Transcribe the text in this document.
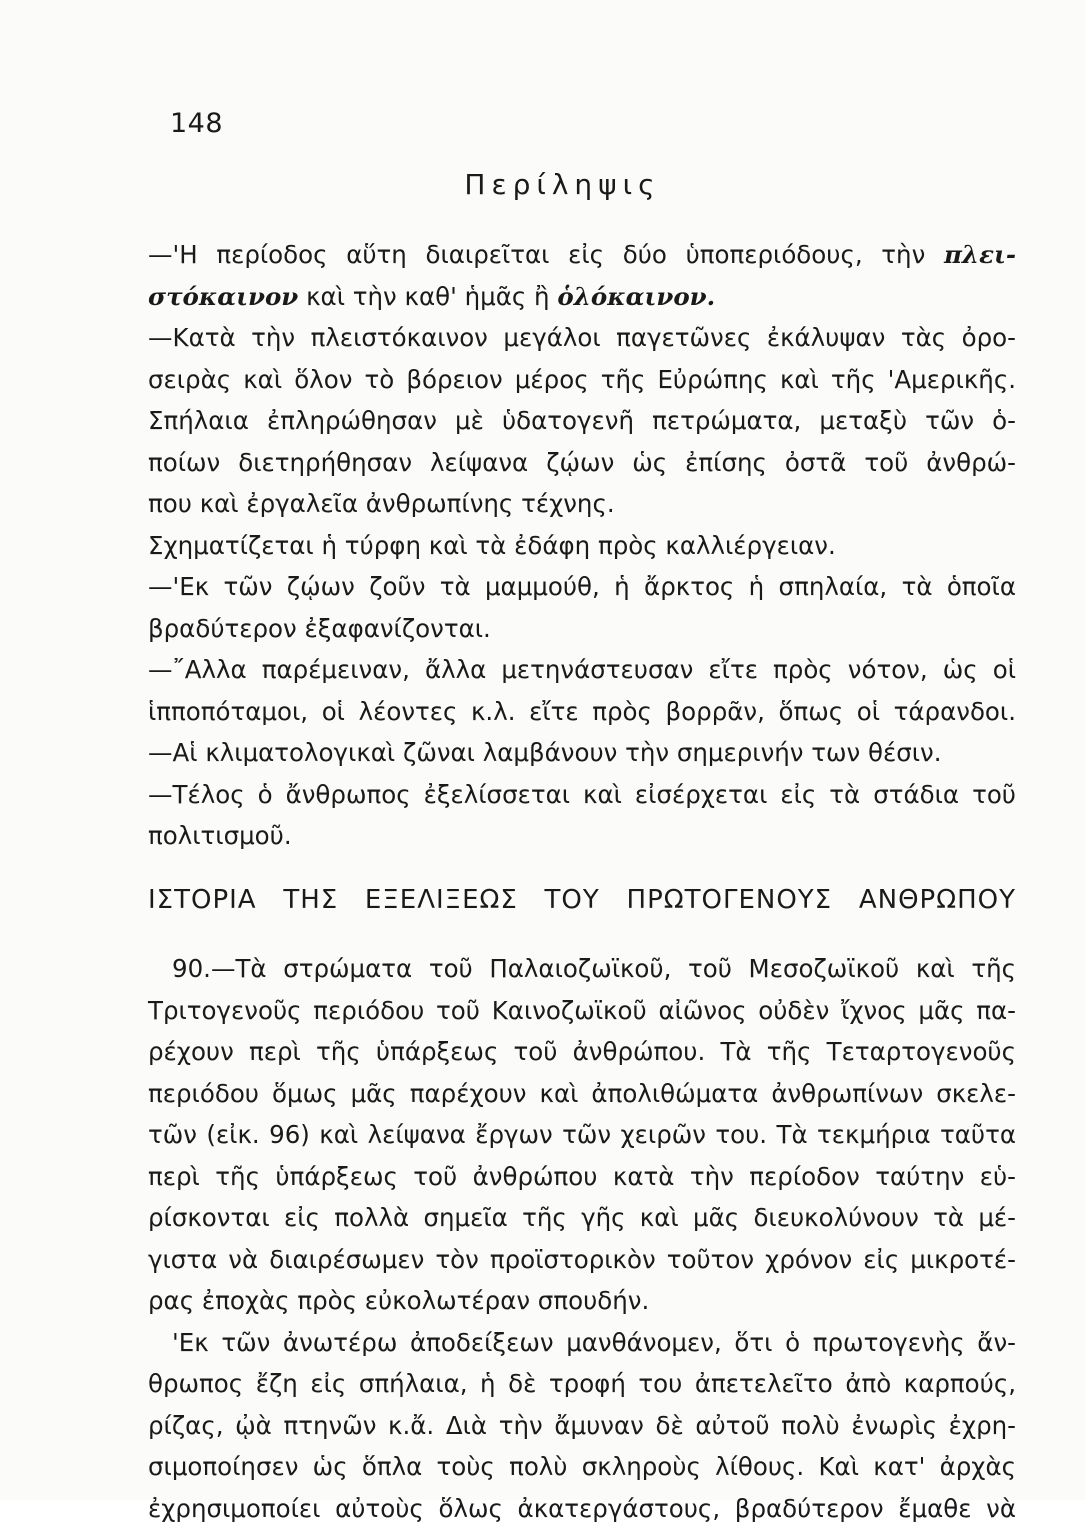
148
Περίληψις
—'Η περίοδος αὕτη διαιρεῖται εἰς δύο ὑποπεριόδους, τὴν πλει-
στόκαινον καὶ τὴν καθ' ἡμᾶς ἢ ὁλόκαινον.
—Κατὰ τὴν πλειστόκαινον μεγάλοι παγετῶνες ἐκάλυψαν τὰς ὀρο-
σειρὰς καὶ ὅλον τὸ βόρειον μέρος τῆς Εὐρώπης καὶ τῆς 'Αμερικῆς.
Σπήλαια ἐπληρώθησαν μὲ ὑδατογενῆ πετρώματα, μεταξὺ τῶν ὁ-
ποίων διετηρήθησαν λείψανα ζῴων ὡς ἐπίσης ὀστᾶ τοῦ ἀνθρώ-
που καὶ ἐργαλεῖα ἀνθρωπίνης τέχνης.
Σχηματίζεται ἡ τύρφη καὶ τὰ ἐδάφη πρὸς καλλιέργειαν.
—'Εκ τῶν ζῴων ζοῦν τὰ μαμμούθ, ἡ ἄρκτος ἡ σπηλαία, τὰ ὁποῖα
βραδύτερον ἐξαφανίζονται.
—῎Αλλα παρέμειναν, ἄλλα μετηνάστευσαν εἴτε πρὸς νότον, ὡς οἱ
ἱπποπόταμοι, οἱ λέοντες κ.λ. εἴτε πρὸς βορρᾶν, ὅπως οἱ τάρανδοι.
—Αἱ κλιματολογικαὶ ζῶναι λαμβάνουν τὴν σημερινήν των θέσιν.
—Τέλος ὁ ἄνθρωπος ἐξελίσσεται καὶ εἰσέρχεται εἰς τὰ στάδια τοῦ
πολιτισμοῦ.
ΙΣΤΟΡΙΑ ΤΗΣ ΕΞΕΛΙΞΕΩΣ ΤΟΥ ΠΡΩΤΟΓΕΝΟΥΣ ΑΝΘΡΩΠΟΥ
90.—Τὰ στρώματα τοῦ Παλαιοζωϊκοῦ, τοῦ Μεσοζωϊκοῦ καὶ τῆς
Τριτογενοῦς περιόδου τοῦ Καινοζωϊκοῦ αἰῶνος οὐδὲν ἴχνος μᾶς πα-
ρέχουν περὶ τῆς ὑπάρξεως τοῦ ἀνθρώπου. Τὰ τῆς Τεταρτογενοῦς
περιόδου ὅμως μᾶς παρέχουν καὶ ἀπολιθώματα ἀνθρωπίνων σκελε-
τῶν (εἰκ. 96) καὶ λείψανα ἔργων τῶν χειρῶν του. Τὰ τεκμήρια ταῦτα
περὶ τῆς ὑπάρξεως τοῦ ἀνθρώπου κατὰ τὴν περίοδον ταύτην εὑ-
ρίσκονται εἰς πολλὰ σημεῖα τῆς γῆς καὶ μᾶς διευκολύνουν τὰ μέ-
γιστα νὰ διαιρέσωμεν τὸν προϊστορικὸν τοῦτον χρόνον εἰς μικροτέ-
ρας ἐποχὰς πρὸς εὐκολωτέραν σπουδήν.
'Εκ τῶν ἀνωτέρω ἀποδείξεων μανθάνομεν, ὅτι ὁ πρωτογενὴς ἄν-
θρωπος ἔζη εἰς σπήλαια, ἡ δὲ τροφή του ἀπετελεῖτο ἀπὸ καρπούς,
ρίζας, ᾠὰ πτηνῶν κ.ἄ. Διὰ τὴν ἄμυναν δὲ αὐτοῦ πολὺ ἐνωρὶς ἐχρη-
σιμοποίησεν ὡς ὅπλα τοὺς πολὺ σκληροὺς λίθους. Καὶ κατ' ἀρχὰς
ἐχρησιμοποίει αὐτοὺς ὅλως ἀκατεργάστους, βραδύτερον ἔμαθε νὰ
